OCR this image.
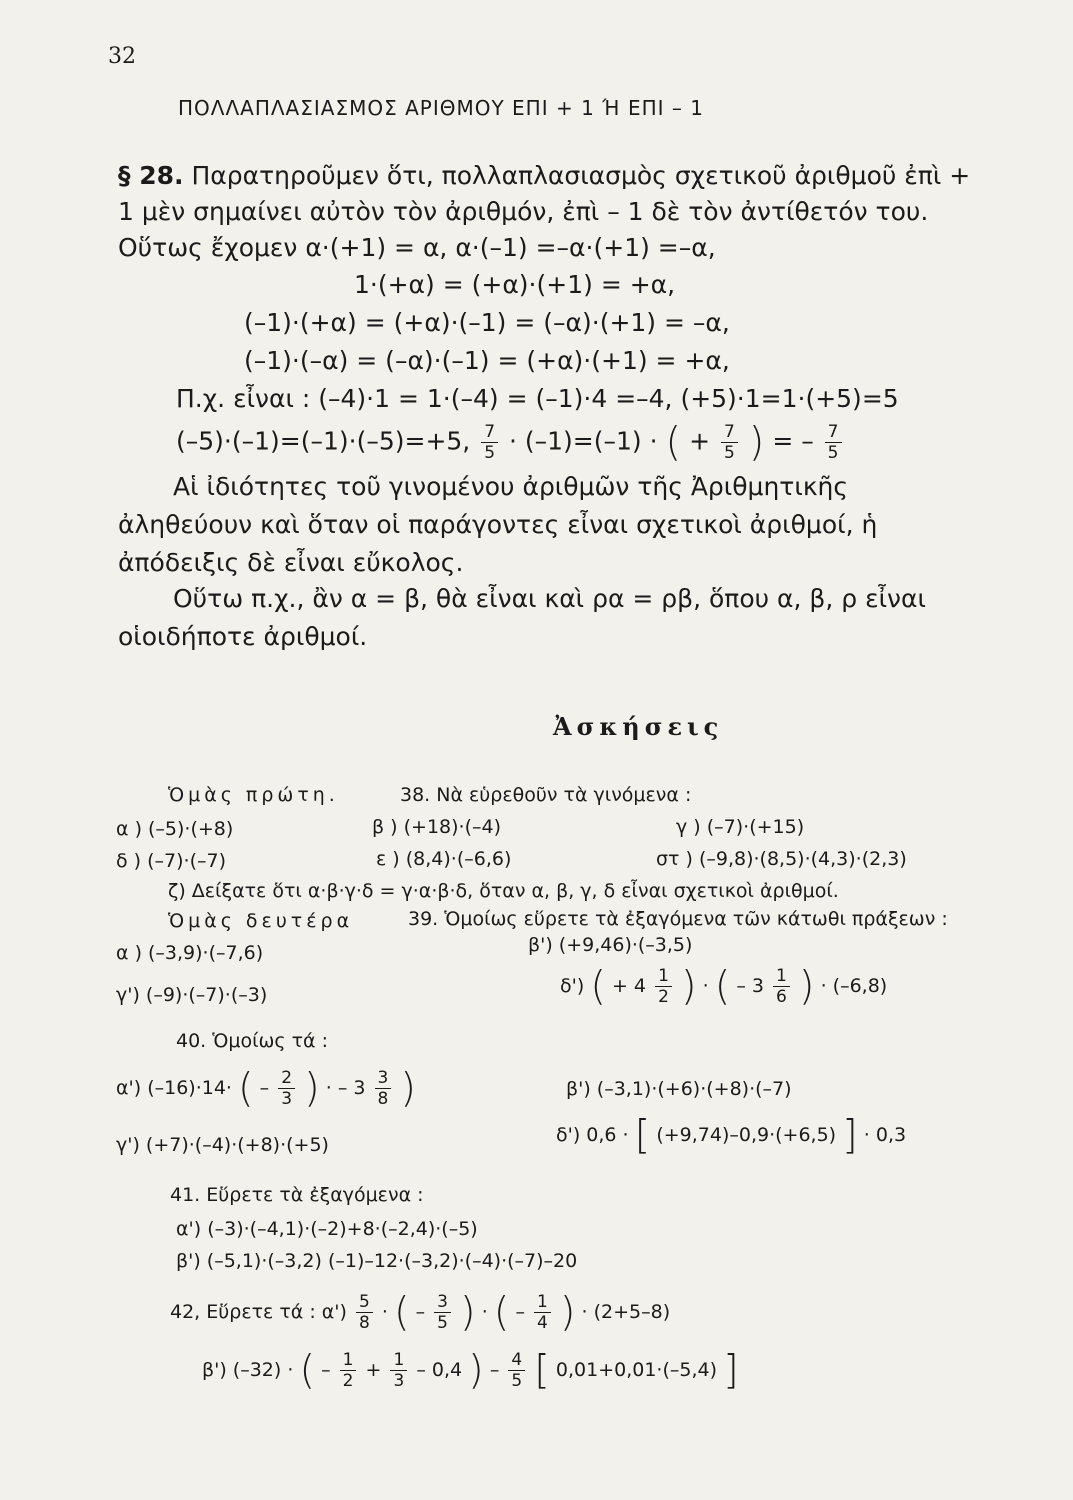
32
ΠΟΛΛΑΠΛΑΣΙΑΣΜΟΣ ΑΡΙΘΜΟΥ ΕΠΙ + 1 Ή ΕΠΙ – 1
§ 28. Παρατηροῦμεν ὅτι, πολλαπλασιασμὸς σχετικοῦ ἀριθμοῦ ἐπὶ + 1 μὲν σημαίνει αὐτὸν τὸν ἀριθμόν, ἐπὶ – 1 δὲ τὸν ἀντίθετόν του. Οὕτως ἔχομεν α·(+1) = α, α·(–1) =–α·(+1) =–α,
1·(+α) = (+α)·(+1) = +α,
(–1)·(+α) = (+α)·(–1) = (–α)·(+1) = –α,
(–1)·(–α) = (–α)·(–1) = (+α)·(+1) = +α,
Π.χ. εἶναι : (–4)·1 = 1·(–4) = (–1)·4 =–4, (+5)·1=1·(+5)=5
(–5)·(–1)=(–1)·(–5)=+5, $\frac{7}{5} \cdot (-1)=(-1)$ · ( + $\frac{7}{5}$ ) = – $\frac{7}{5}$
Αἱ ἰδιότητες τοῦ γινομένου ἀριθμῶν τῆς Ἀριθμητικῆς ἀληθεύουν καὶ ὅταν οἱ παράγοντες εἶναι σχετικοὶ ἀριθμοί, ἡ ἀπόδειξις δὲ εἶναι εὔκολος.
Οὕτω π.χ., ἂν α = β, θὰ εἶναι καὶ ρα = ρβ, ὅπου α, β, ρ εἶναι οἱοιδήποτε ἀριθμοί.
Ἀσκήσεις
Ὁμὰς πρώτη.	38. Νὰ εὑρεθοῦν τὰ γινόμενα :
α ) (–5)·(+8)	β ) (+18)·(–4)	γ ) (–7)·(+15)
δ ) (–7)·(–7)	ε ) (8,4)·(–6,6)	στ ) (–9,8)·(8,5)·(4,3)·(2,3)
ζ) Δείξατε ὅτι α·β·γ·δ = γ·α·β·δ, ὅταν α, β, γ, δ εἶναι σχετικοὶ ἀριθμοί.
Ὁμὰς δευτέρα	39. Ὁμοίως εὕρετε τὰ ἐξαγόμενα τῶν κάτωθι πράξεων :
α ) (–3,9)·(–7,6)	β') (+9,46)·(–3,5)
γ') (–9)·(–7)·(–3)	δ') ( + $4 \frac{1}{2}$ ) · ( – $3 \frac{1}{6}$ ) · (–6,8)
40. Ὁμοίως τά :
α') (–16)·14· ( – $\frac{2}{3}$ ) · – $3 \frac{3}{8}$ )	β') (–3,1)·(+6)·(+8)·(–7)
γ') (+7)·(–4)·(+8)·(+5)	δ') 0,6 · [ (+9,74)–0,9·(+6,5) ] · 0,3
41. Εὕρετε τὰ ἐξαγόμενα :
α') (–3)·(–4,1)·(–2)+8·(–2,4)·(–5)
β') (–5,1)·(–3,2) (–1)–12·(–3,2)·(–4)·(–7)–20
42, Εὕρετε τά : $\alpha') \frac{5}{8}$ · ( – $\frac{3}{5}$ ) · ( – $\frac{1}{4}$ ) · (2+5–8)
β') (–32) · ( – $\frac{1}{2} + \frac{1}{3} - 0,4$ ) – $\frac{4}{5}$ [ 0,01+0,01·(–5,4) ]
